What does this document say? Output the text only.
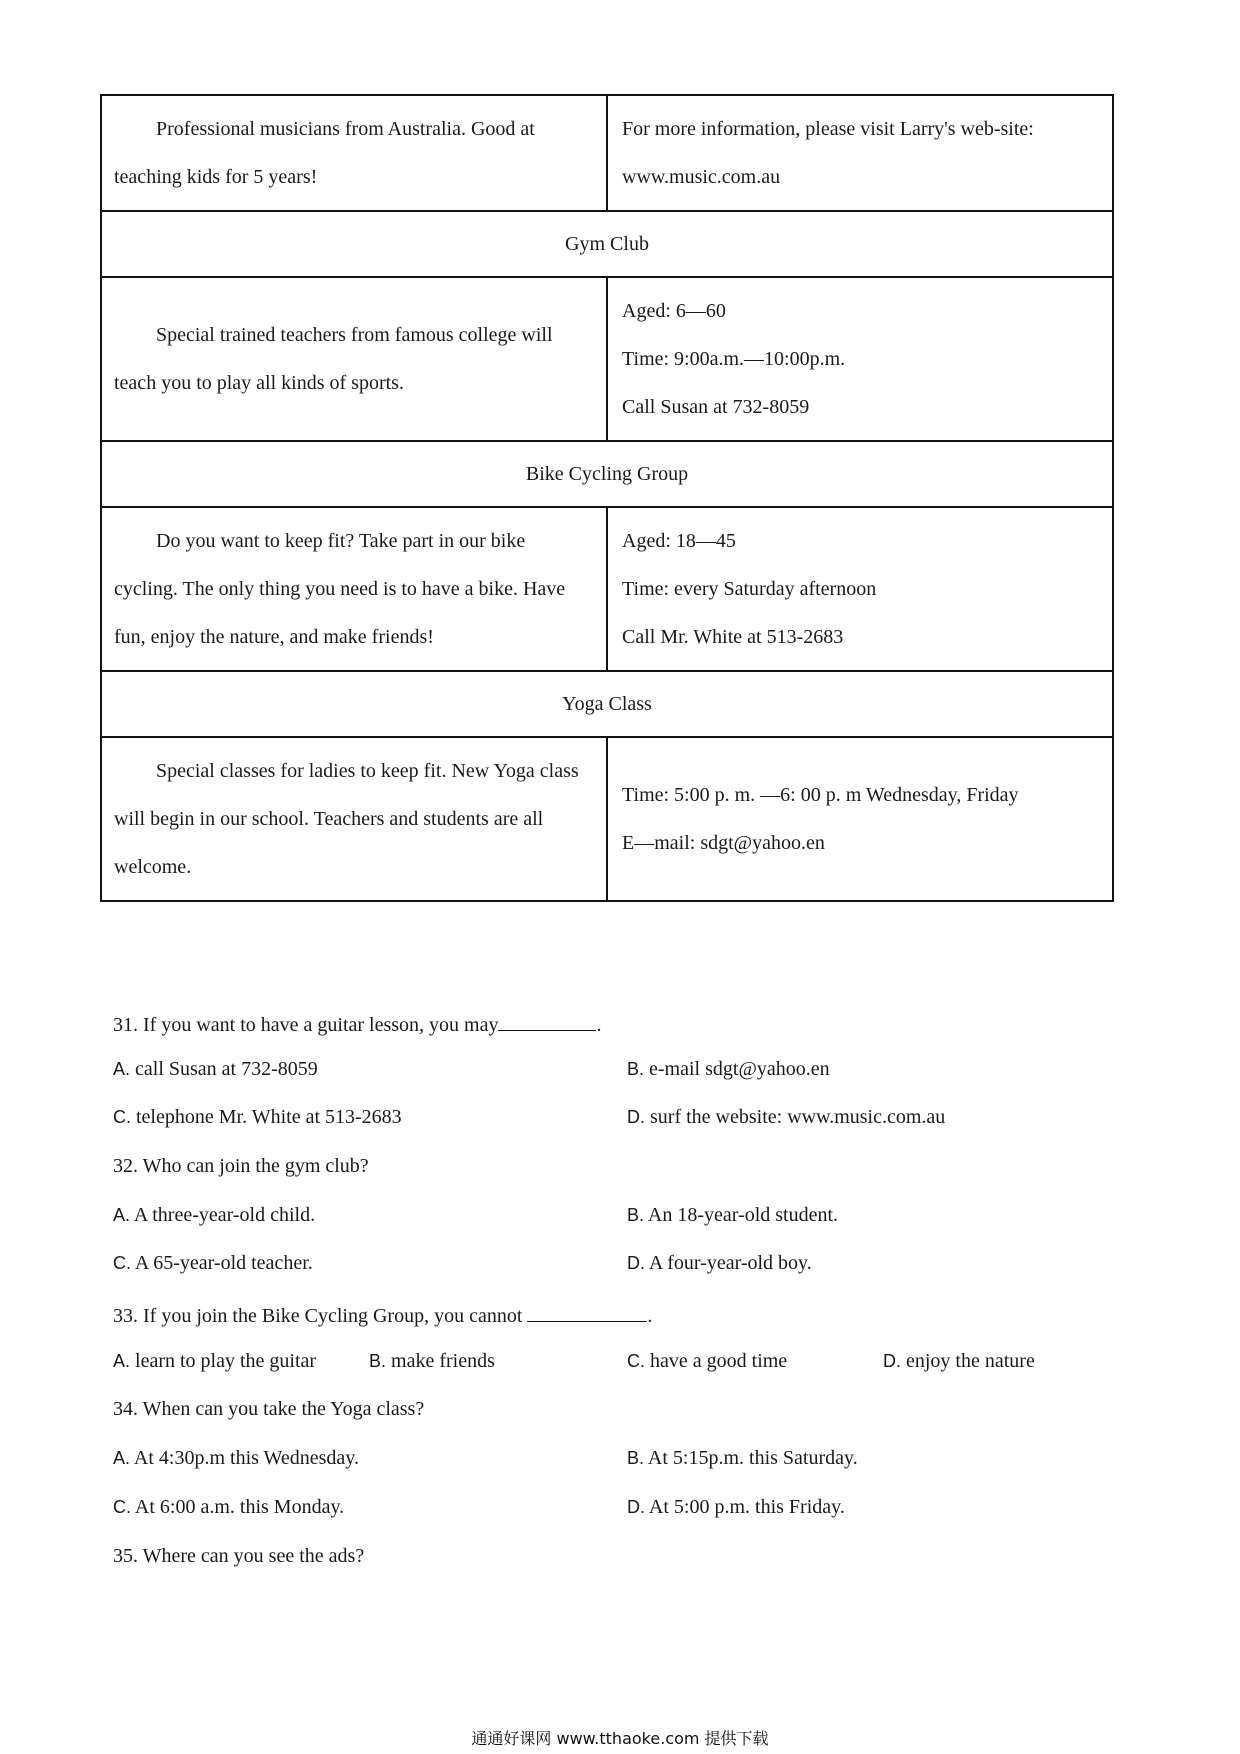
Professional musicians from Australia. Good at teaching kids for 5 years!	For more information, please visit Larry's web-site:
www.music.com.au

Gym Club	
Special trained teachers from famous college will teach you to play all kinds of sports.	Aged: 6—60
Time: 9:00a.m.—10:00p.m.
Call Susan at 732-8059

Bike Cycling Group	
Do you want to keep fit? Take part in our bike cycling. The only thing you need is to have a bike. Have fun, enjoy the nature, and make friends!	Aged: 18—45
Time: every Saturday afternoon
Call Mr. White at 513-2683

Yoga Class	
Special classes for ladies to keep fit. New Yoga class will begin in our school. Teachers and students are all welcome.	Time: 5:00 p. m. —6: 00 p. m Wednesday, Friday
E—mail: sdgt@yahoo.en
31. If you want to have a guitar lesson, you may	.
A. call Susan at 732-8059	B. e-mail sdgt@yahoo.en
C. telephone Mr. White at 513-2683	D. surf the website: www.music.com.au
32. Who can join the gym club?
A. A three-year-old child.	B. An 18-year-old student.
C. A 65-year-old teacher.	D. A four-year-old boy.
33. If you join the Bike Cycling Group, you cannot	.
A. learn to play the guitar	B. make friends	C. have a good time	D. enjoy the nature
34. When can you take the Yoga class?
A. At 4:30p.m this Wednesday.	B. At 5:15p.m. this Saturday.
C. At 6:00 a.m. this Monday.	D. At 5:00 p.m. this Friday.
35. Where can you see the ads?
通通好课网 www.tthaoke.com 提供下载
